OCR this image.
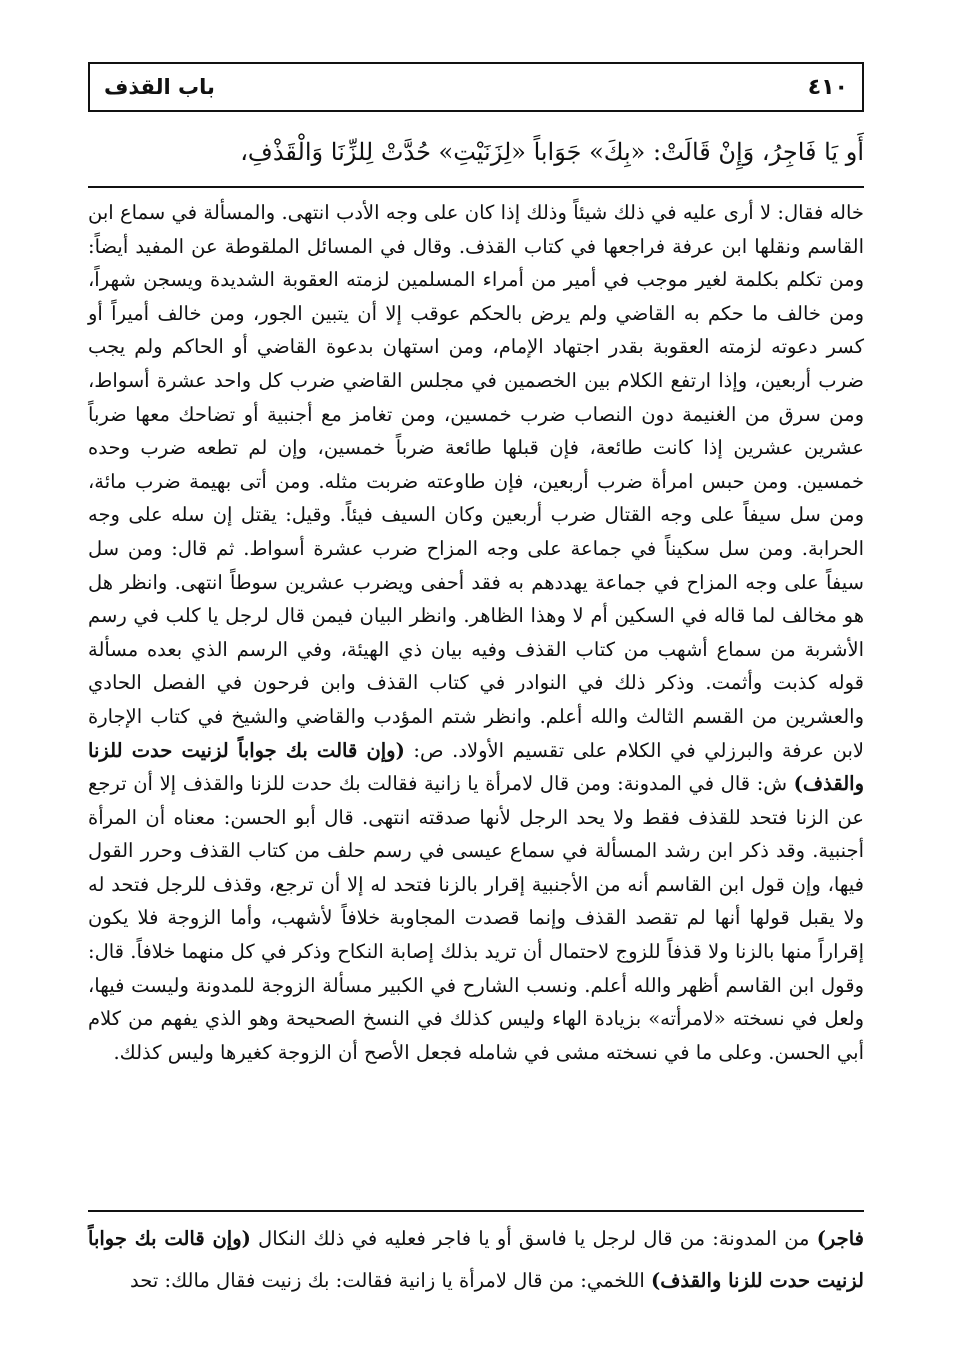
باب القذف	٤١٠
أَو يَا فَاجِرُ، وَإِنْ قَالَتْ: «بِكَ» جَوَاباً «لِزَنَيْتِ» حُدَّتْ لِلزِّنَا وَالْقَذْفِ،

خاله فقال: لا أرى عليه في ذلك شيئاً وذلك إذا كان على وجه الأدب انتهى. والمسألة في سماع ابن القاسم ونقلها ابن عرفة فراجعها في كتاب القذف. وقال في المسائل الملقوطة عن المفيد أيضاً: ومن تكلم بكلمة لغير موجب في أمير من أمراء المسلمين لزمته العقوبة الشديدة ويسجن شهراً، ومن خالف ما حكم به القاضي ولم يرض بالحكم عوقب إلا أن يتبين الجور، ومن خالف أميراً أو كسر دعوته لزمته العقوبة بقدر اجتهاد الإمام، ومن استهان بدعوة القاضي أو الحاكم ولم يجب ضرب أربعين، وإذا ارتفع الكلام بين الخصمين في مجلس القاضي ضرب كل واحد عشرة أسواط، ومن سرق من الغنيمة دون النصاب ضرب خمسين، ومن تغامز مع أجنبية أو تضاحك معها ضرباً عشرين عشرين إذا كانت طائعة، فإن قبلها طائعة ضرباً خمسين، وإن لم تطعه ضرب وحده خمسين. ومن حبس امرأة ضرب أربعين، فإن طاوعته ضربت مثله. ومن أتى بهيمة ضرب مائة، ومن سل سيفاً على وجه القتال ضرب أربعين وكان السيف فيئاً. وقيل: يقتل إن سله على وجه الحرابة. ومن سل سكيناً في جماعة على وجه المزاح ضرب عشرة أسواط. ثم قال: ومن سل سيفاً على وجه المزاح في جماعة يهددهم به فقد أحفى ويضرب عشرين سوطاً انتهى. وانظر هل هو مخالف لما قاله في السكين أم لا وهذا الظاهر. وانظر البيان فيمن قال لرجل يا كلب في رسم الأشربة من سماع أشهب من كتاب القذف وفيه بيان ذي الهيئة، وفي الرسم الذي بعده مسألة قوله كذبت وأثمت. وذكر ذلك في النوادر في كتاب القذف وابن فرحون في الفصل الحادي والعشرين من القسم الثالث والله أعلم. وانظر شتم المؤدب والقاضي والشيخ في كتاب الإجارة لابن عرفة والبرزلي في الكلام على تقسيم الأولاد. ص: (وإن قالت بك جواباً لزنيت حدت للزنا والقذف) ش: قال في المدونة: ومن قال لامرأة يا زانية فقالت بك حدت للزنا والقذف إلا أن ترجع عن الزنا فتحد للقذف فقط ولا يحد الرجل لأنها صدقته انتهى. قال أبو الحسن: معناه أن المرأة أجنبية. وقد ذكر ابن رشد المسألة في سماع عيسى في رسم حلف من كتاب القذف وحرر القول فيها، وإن قول ابن القاسم أنه من الأجنبية إقرار بالزنا فتحد له إلا أن ترجع، وقذف للرجل فتحد له ولا يقبل قولها أنها لم تقصد القذف وإنما قصدت المجاوبة خلافاً لأشهب، وأما الزوجة فلا يكون إقراراً منها بالزنا ولا قذفاً للزوج لاحتمال أن تريد بذلك إصابة النكاح وذكر في كل منهما خلافاً. قال: وقول ابن القاسم أظهر والله أعلم. ونسب الشارح في الكبير مسألة الزوجة للمدونة وليست فيها، ولعل في نسخته «لامرأته» بزيادة الهاء وليس كذلك في النسخ الصحيحة وهو الذي يفهم من كلام أبي الحسن. وعلى ما في نسخته مشى في شامله فجعل الأصح أن الزوجة كغيرها وليس كذلك.

فاجر) من المدونة: من قال لرجل يا فاسق أو يا فاجر فعليه في ذلك النكال (وإن قالت بك جواباً لزنيت حدت للزنا والقذف) اللخمي: من قال لامرأة يا زانية فقالت: بك زنيت فقال مالك: تحد
